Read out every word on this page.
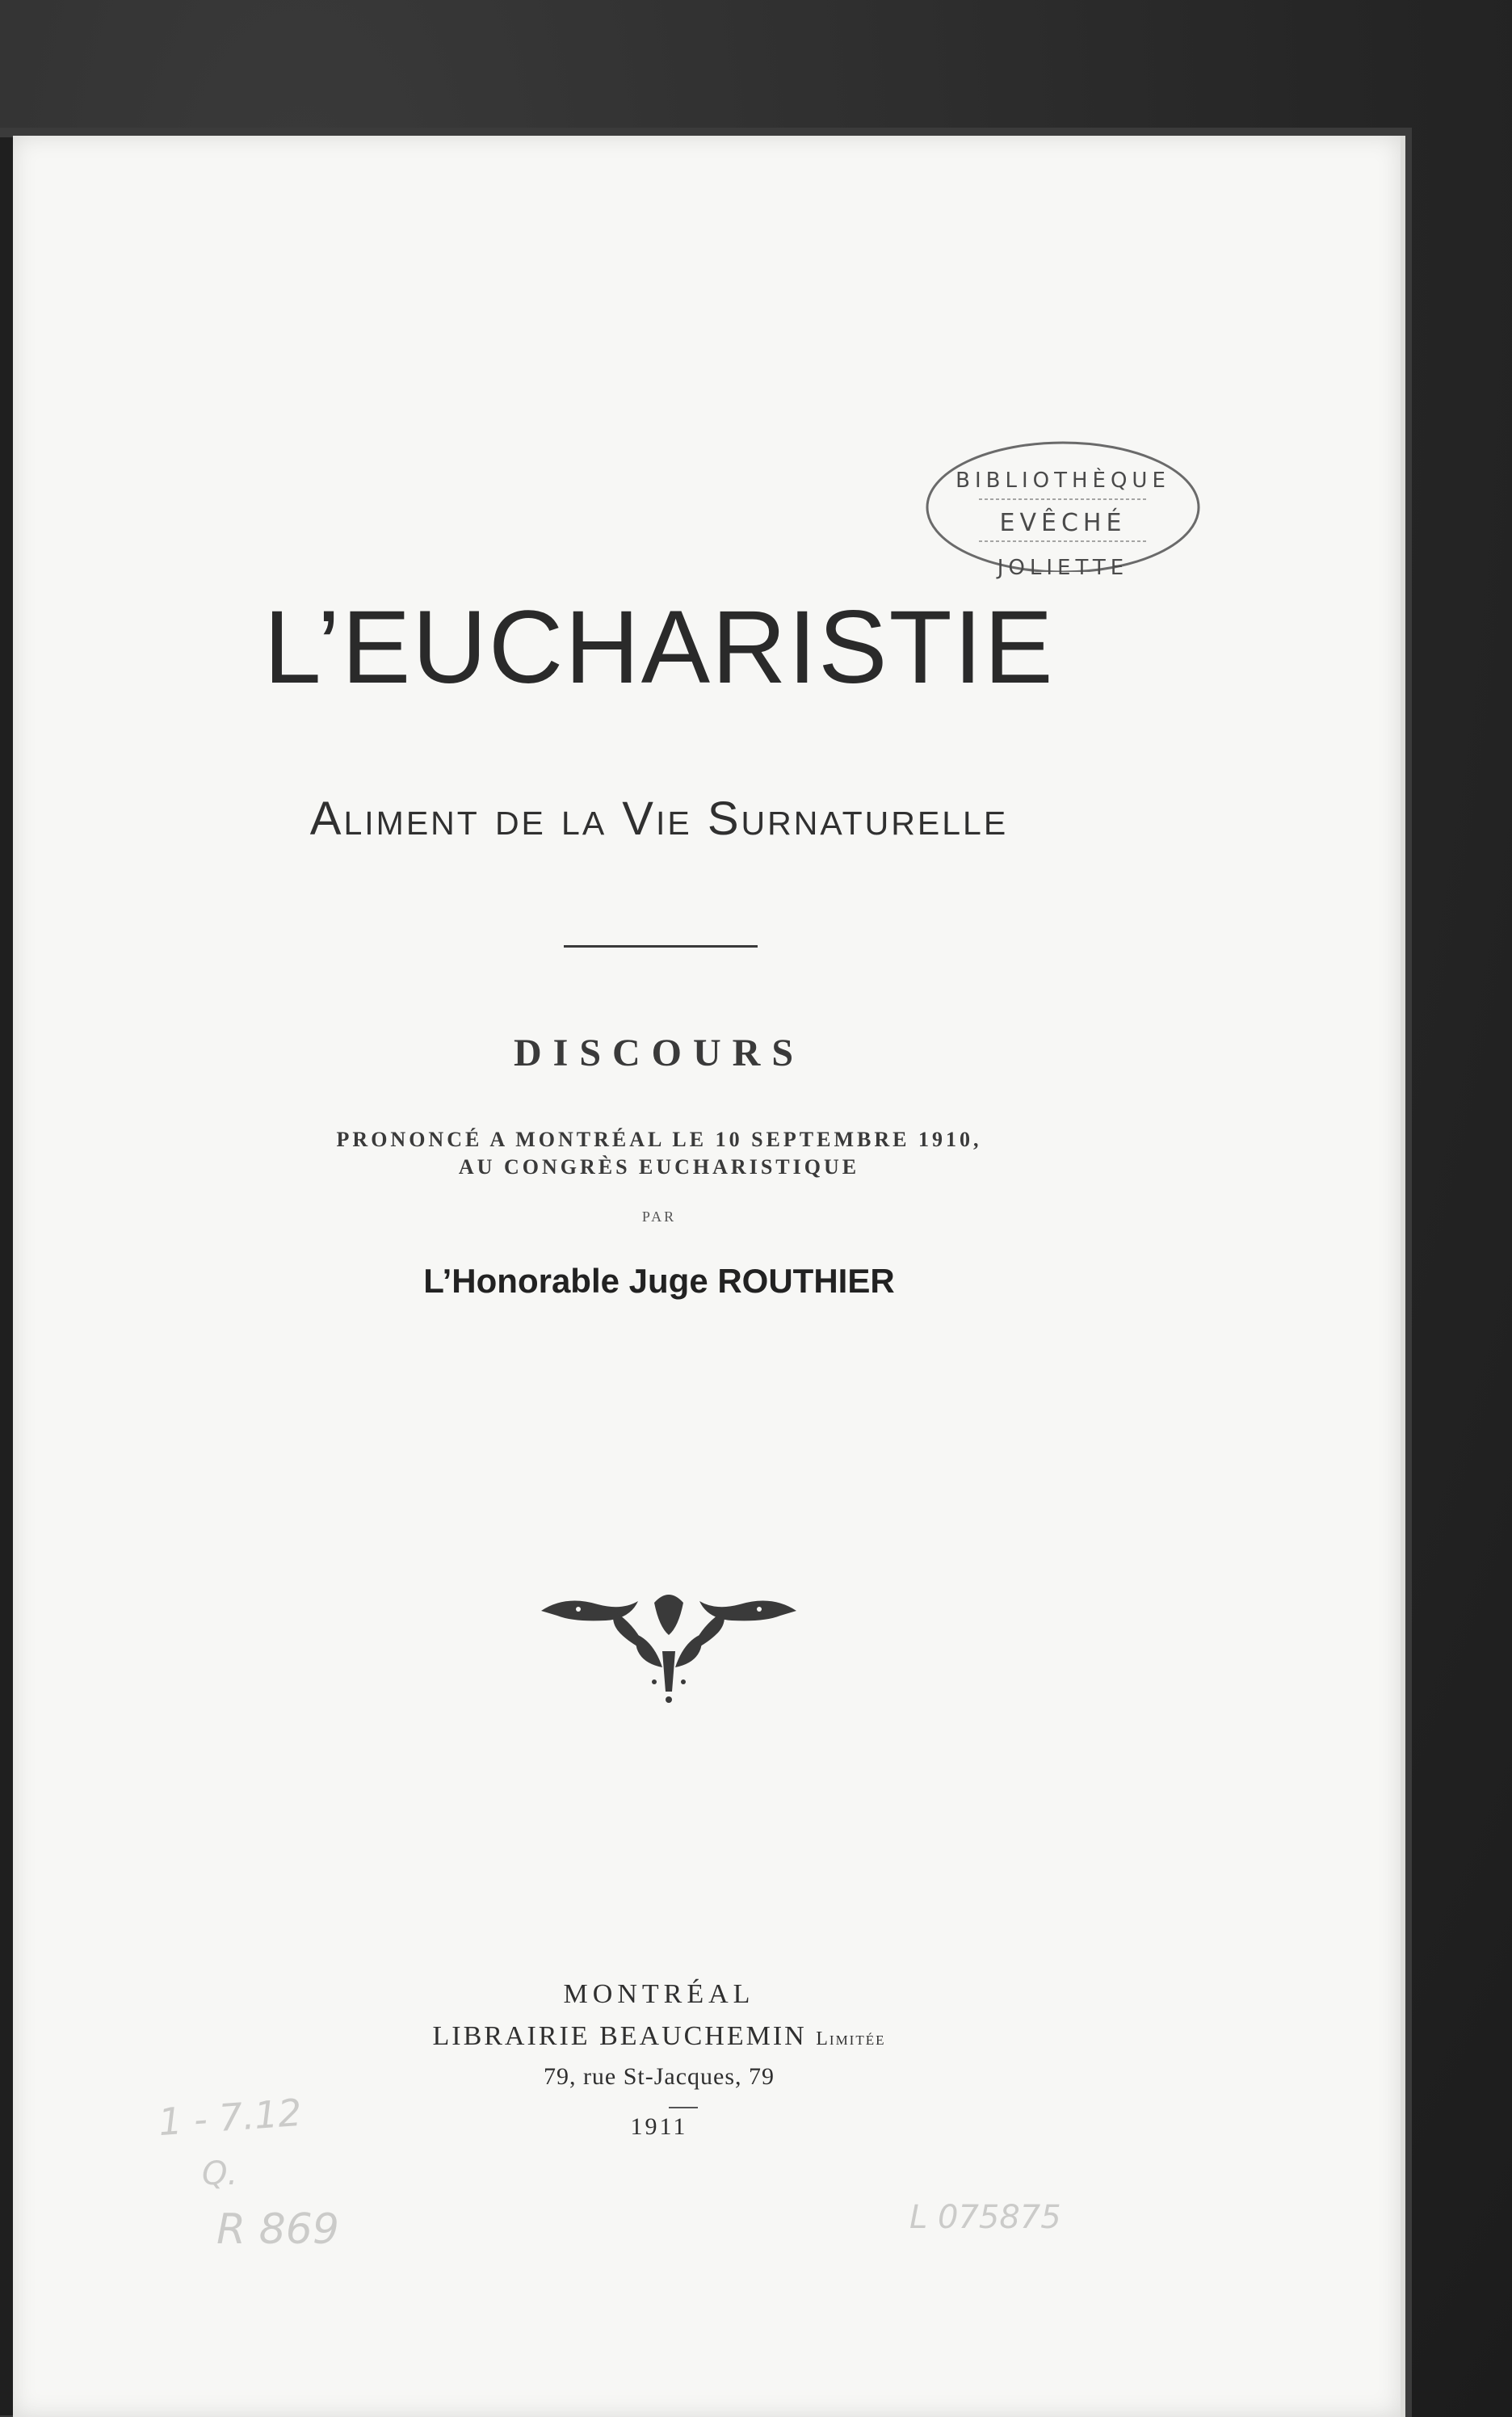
BIBLIOTHÈQUE
EVÊCHÉ
JOLIETTE
L’EUCHARISTIE
Aliment de la Vie Surnaturelle
DISCOURS
PRONONCÉ A MONTRÉAL LE 10 SEPTEMBRE 1910,
AU CONGRÈS EUCHARISTIQUE
PAR
L’Honorable Juge ROUTHIER
MONTRÉAL
LIBRAIRIE BEAUCHEMIN Limitée
79, rue St-Jacques, 79
1911
1 - 7.12
Q.
R 869	L 075875
